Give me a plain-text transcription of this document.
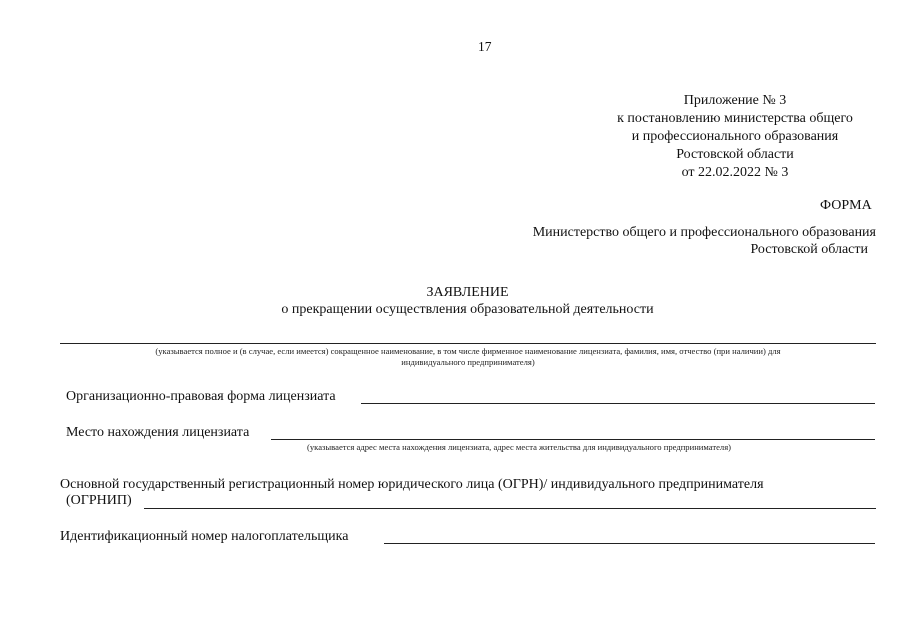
17
Приложение № 3
к постановлению министерства общего
и профессионального образования
Ростовской области
от 22.02.2022 № 3
ФОРМА
Министерство общего и профессионального образования
Ростовской области
ЗАЯВЛЕНИЕ
о прекращении осуществления образовательной деятельности
(указывается полное и (в случае, если имеется) сокращенное наименование, в том числе фирменное наименование лицензиата, фамилия, имя, отчество (при наличии) для
индивидуального предпринимателя)
Организационно-правовая форма лицензиата
Место нахождения лицензиата
(указывается адрес места нахождения лицензиата, адрес места жительства для индивидуального предпринимателя)
Основной государственный регистрационный номер юридического лица (ОГРН)/ индивидуального предпринимателя
(ОГРНИП)
Идентификационный номер налогоплательщика
